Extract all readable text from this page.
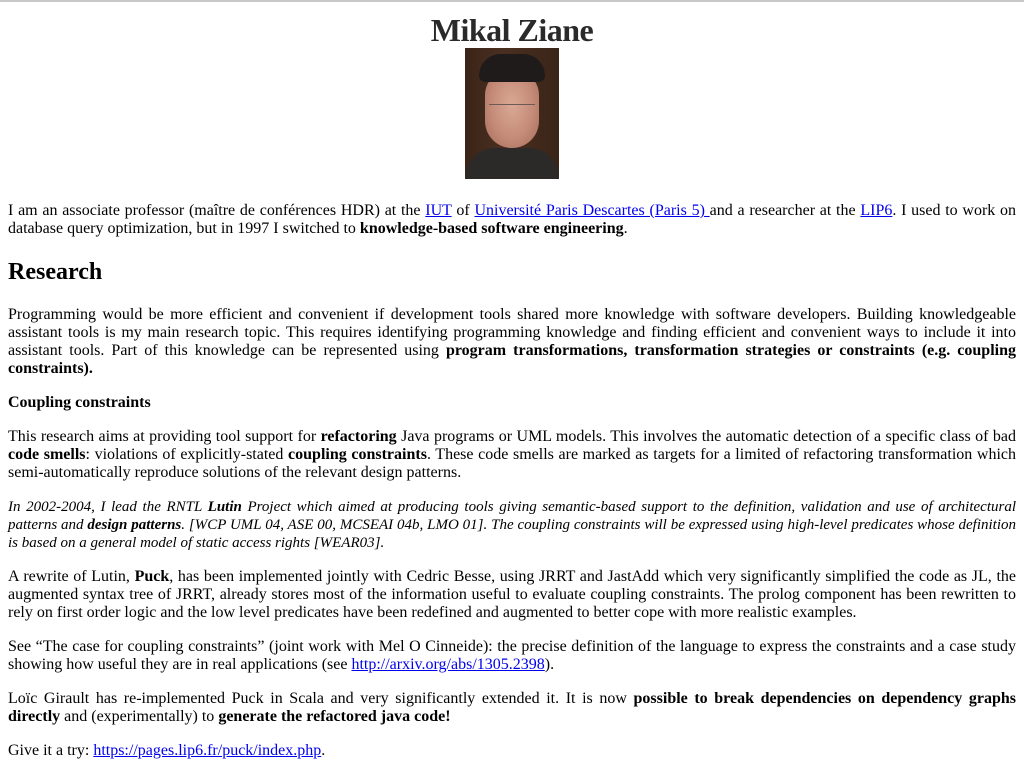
Mikal Ziane

I am an associate professor (maître de conférences HDR) at the IUT of Université Paris Descartes (Paris 5) and a researcher at the LIP6. I used to work on database query optimization, but in 1997 I switched to knowledge-based software engineering.

Research

Programming would be more efficient and convenient if development tools shared more knowledge with software developers. Building knowledgeable assistant tools is my main research topic. This requires identifying programming knowledge and finding efficient and convenient ways to include it into assistant tools. Part of this knowledge can be represented using program transformations, transformation strategies or constraints (e.g. coupling constraints).

Coupling constraints

This research aims at providing tool support for refactoring Java programs or UML models. This involves the automatic detection of a specific class of bad code smells: violations of explicitly-stated coupling constraints. These code smells are marked as targets for a limited of refactoring transformation which semi-automatically reproduce solutions of the relevant design patterns.

In 2002-2004, I lead the RNTL Lutin Project which aimed at producing tools giving semantic-based support to the definition, validation and use of architectural patterns and design patterns. [WCP UML 04, ASE 00, MCSEAI 04b, LMO 01]. The coupling constraints will be expressed using high-level predicates whose definition is based on a general model of static access rights [WEAR03].

A rewrite of Lutin, Puck, has been implemented jointly with Cedric Besse, using JRRT and JastAdd which very significantly simplified the code as JL, the augmented syntax tree of JRRT, already stores most of the information useful to evaluate coupling constraints. The prolog component has been rewritten to rely on first order logic and the low level predicates have been redefined and augmented to better cope with more realistic examples.

See “The case for coupling constraints” (joint work with Mel O Cinneide): the precise definition of the language to express the constraints and a case study showing how useful they are in real applications (see http://arxiv.org/abs/1305.2398).

Loïc Girault has re-implemented Puck in Scala and very significantly extended it. It is now possible to break dependencies on dependency graphs directly and (experimentally) to generate the refactored java code!

Give it a try: https://pages.lip6.fr/puck/index.php.
